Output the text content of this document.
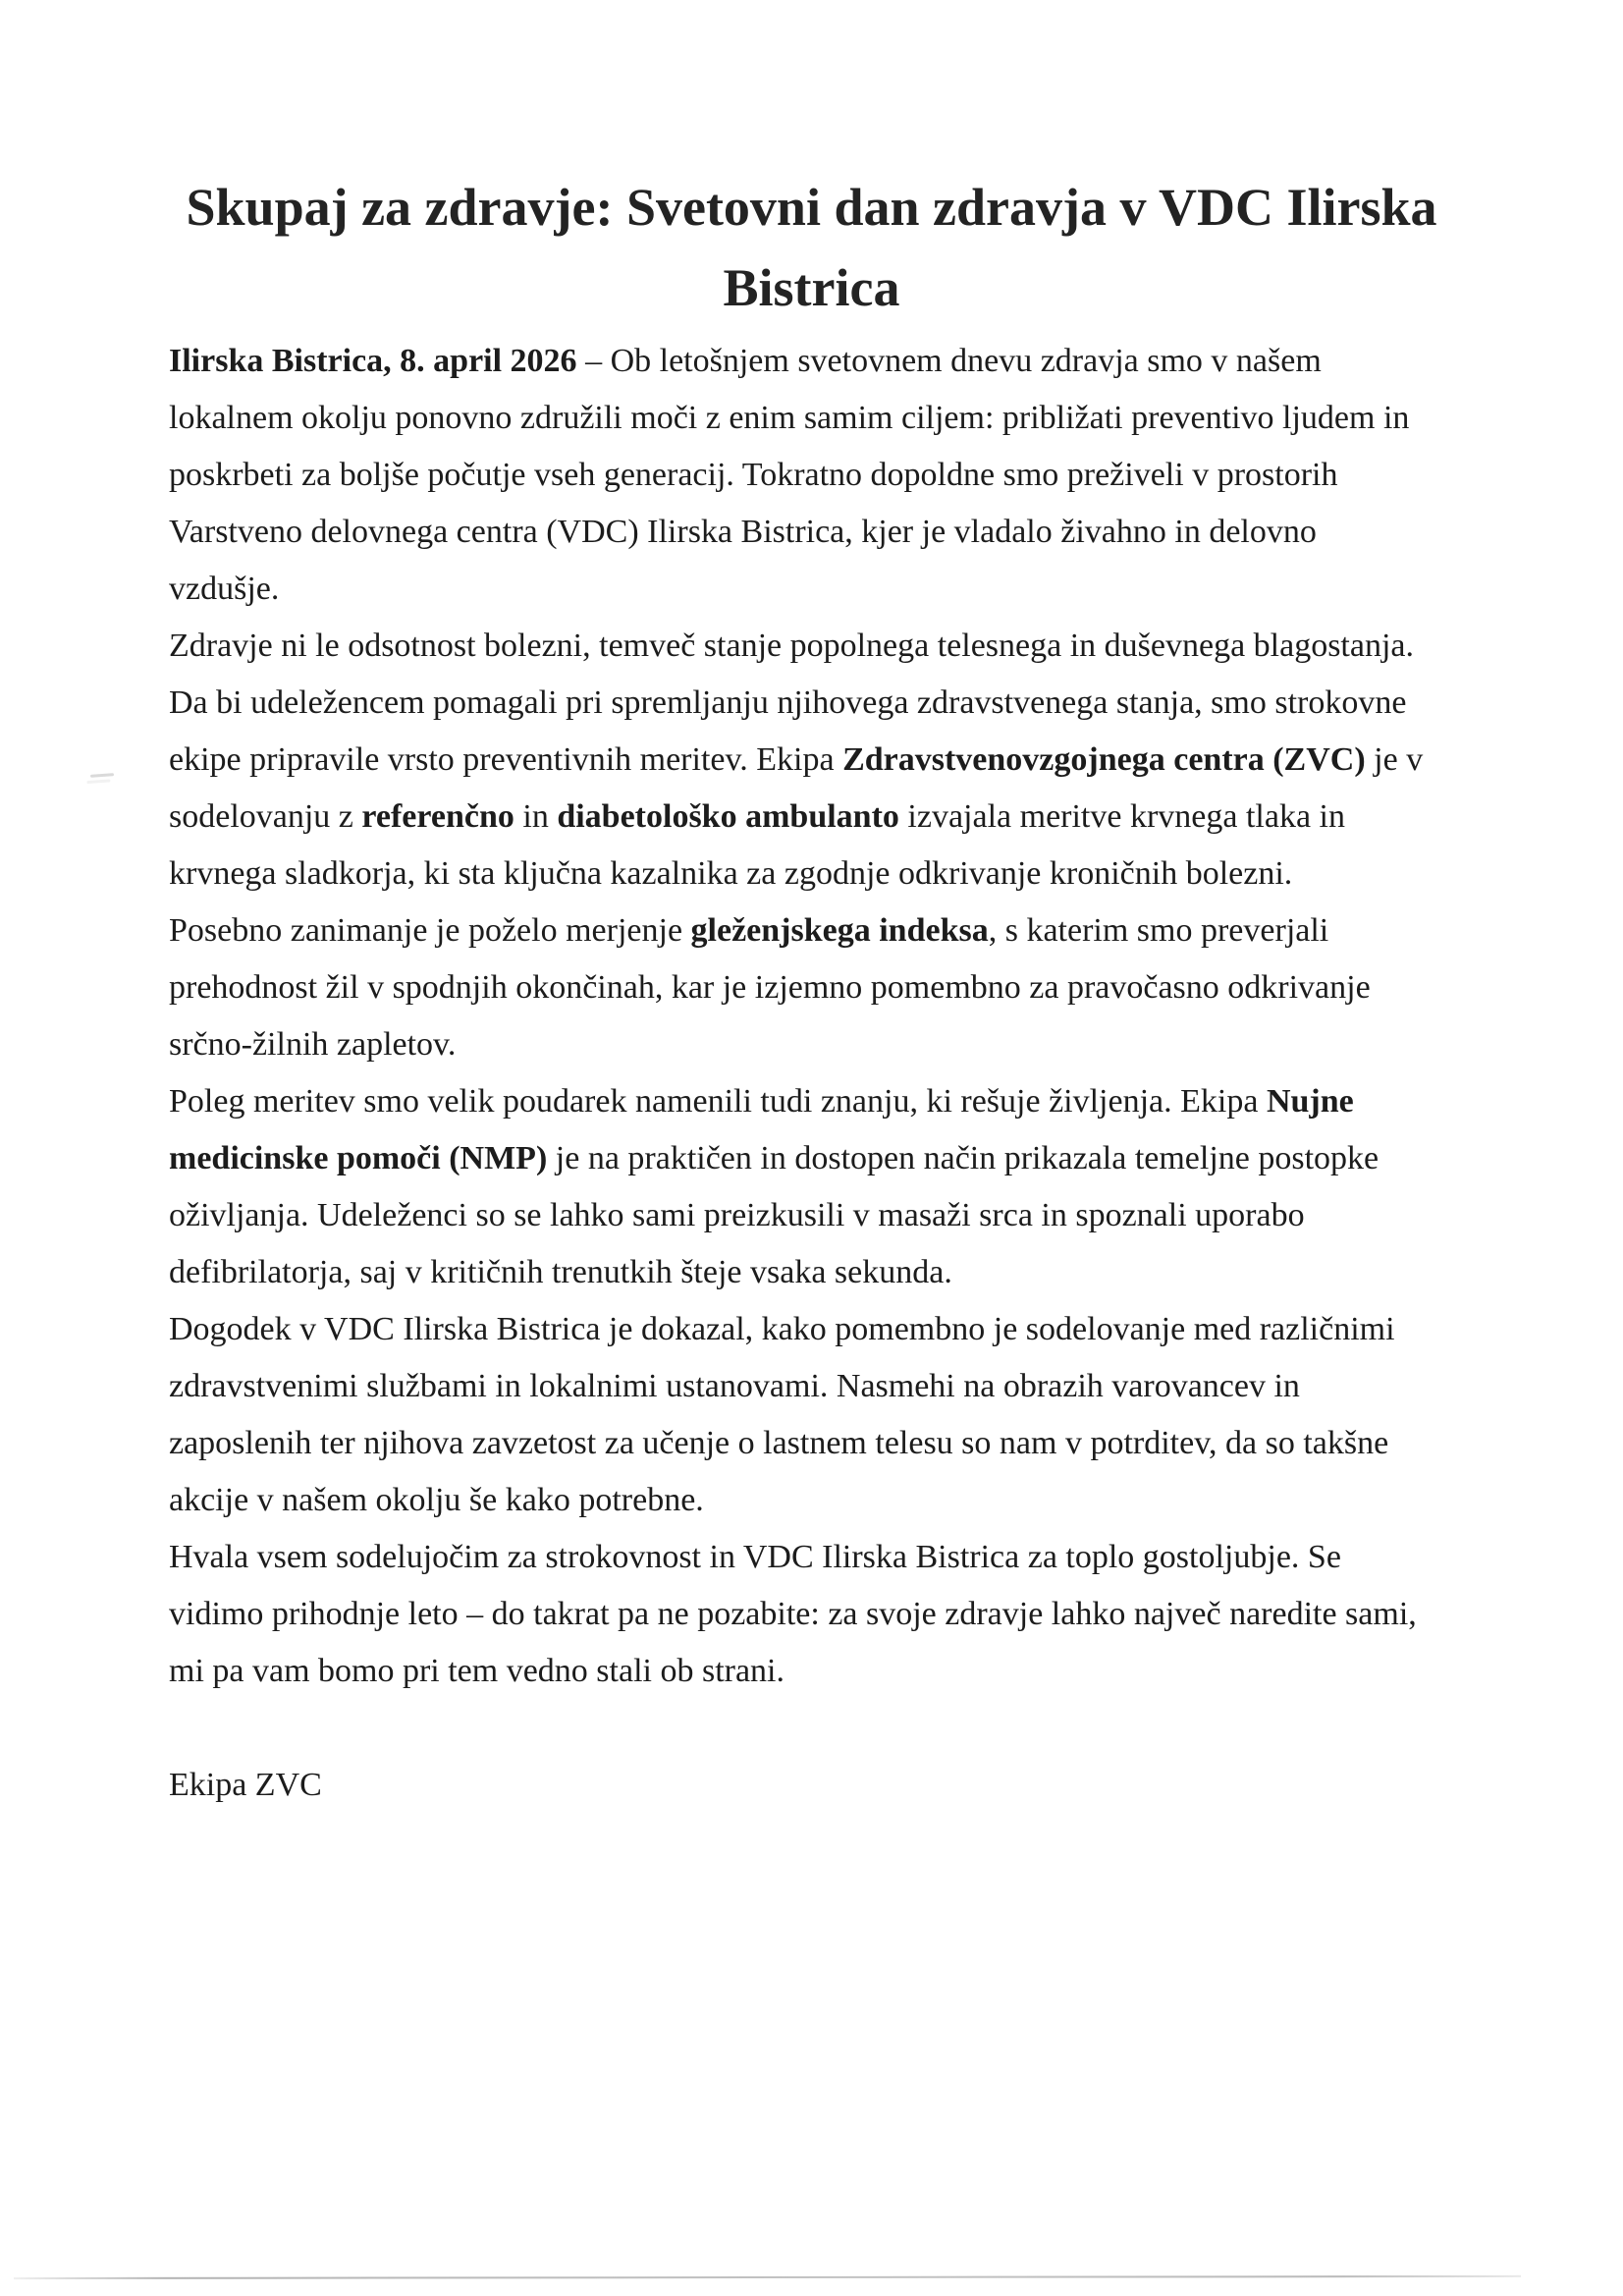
Skupaj za zdravje: Svetovni dan zdravja v VDC Ilirska
Bistrica

Ilirska Bistrica, 8. april 2026 – Ob letošnjem svetovnem dnevu zdravja smo v našem
lokalnem okolju ponovno združili moči z enim samim ciljem: približati preventivo ljudem in
poskrbeti za boljše počutje vseh generacij. Tokratno dopoldne smo preživeli v prostorih
Varstveno delovnega centra (VDC) Ilirska Bistrica, kjer je vladalo živahno in delovno
vzdušje.

Zdravje ni le odsotnost bolezni, temveč stanje popolnega telesnega in duševnega blagostanja.
Da bi udeležencem pomagali pri spremljanju njihovega zdravstvenega stanja, smo strokovne
ekipe pripravile vrsto preventivnih meritev. Ekipa Zdravstvenovzgojnega centra (ZVC) je v
sodelovanju z referenčno in diabetološko ambulanto izvajala meritve krvnega tlaka in
krvnega sladkorja, ki sta ključna kazalnika za zgodnje odkrivanje kroničnih bolezni.

Posebno zanimanje je poželo merjenje gleženjskega indeksa, s katerim smo preverjali
prehodnost žil v spodnjih okončinah, kar je izjemno pomembno za pravočasno odkrivanje
srčno-žilnih zapletov.

Poleg meritev smo velik poudarek namenili tudi znanju, ki rešuje življenja. Ekipa Nujne
medicinske pomoči (NMP) je na praktičen in dostopen način prikazala temeljne postopke
oživljanja. Udeleženci so se lahko sami preizkusili v masaži srca in spoznali uporabo
defibrilatorja, saj v kritičnih trenutkih šteje vsaka sekunda.

Dogodek v VDC Ilirska Bistrica je dokazal, kako pomembno je sodelovanje med različnimi
zdravstvenimi službami in lokalnimi ustanovami. Nasmehi na obrazih varovancev in
zaposlenih ter njihova zavzetost za učenje o lastnem telesu so nam v potrditev, da so takšne
akcije v našem okolju še kako potrebne.

Hvala vsem sodelujočim za strokovnost in VDC Ilirska Bistrica za toplo gostoljubje. Se
vidimo prihodnje leto – do takrat pa ne pozabite: za svoje zdravje lahko največ naredite sami,
mi pa vam bomo pri tem vedno stali ob strani.

Ekipa ZVC
